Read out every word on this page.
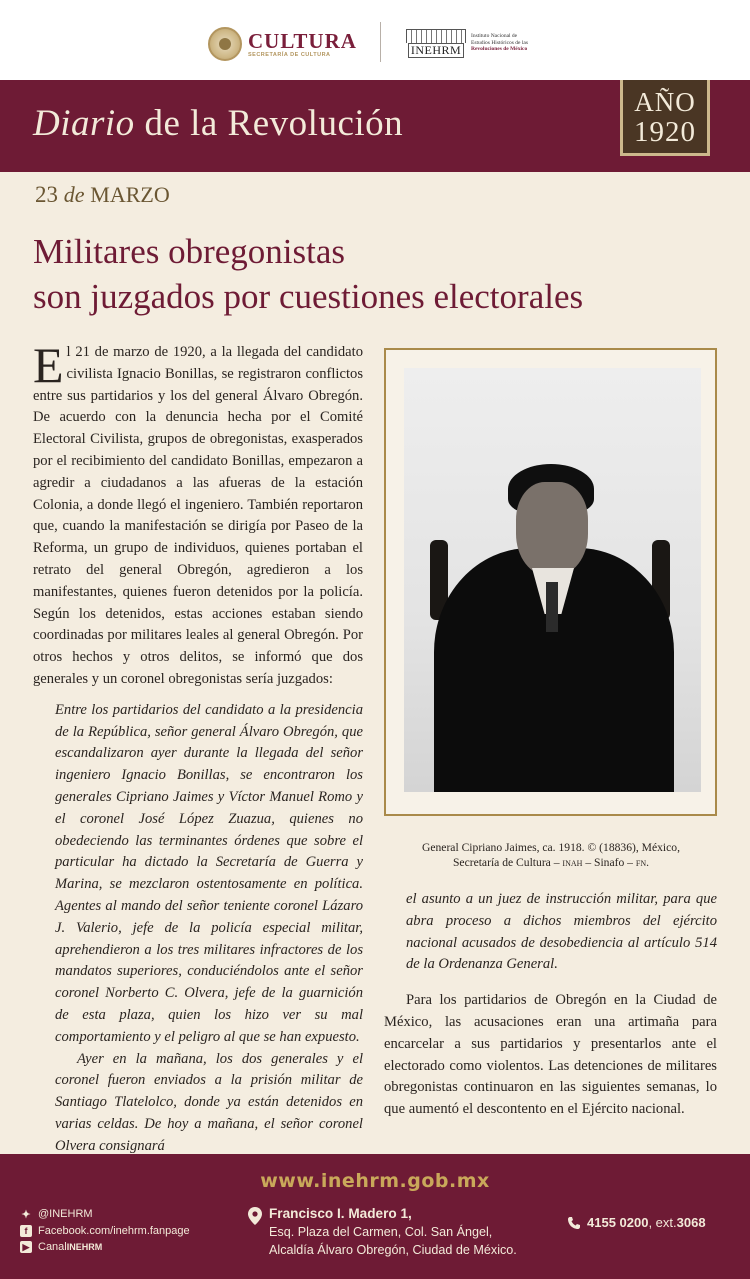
CULTURA
SECRETARÍA DE CULTURA	INEHRM
Instituto Nacional de
Estudios Históricos de las
Revoluciones de México
Diario de la Revolución
AÑO
1920
23 de MARZO
Militares obregonistas
son juzgados por cuestiones electorales

El 21 de marzo de 1920, a la llegada del candidato civilista Ignacio Bonillas, se registraron conflictos entre sus partidarios y los del general Álvaro Obregón. De acuerdo con la denuncia hecha por el Comité Electoral Civilista, grupos de obregonistas, exasperados por el recibimiento del candidato Bonillas, empezaron a agredir a ciudadanos a las afueras de la estación Colonia, a donde llegó el ingeniero. También reportaron que, cuando la manifestación se dirigía por Paseo de la Reforma, un grupo de individuos, quienes portaban el retrato del general Obregón, agredieron a los manifestantes, quienes fueron detenidos por la policía. Según los detenidos, estas acciones estaban siendo coordinadas por militares leales al general Obregón. Por otros hechos y otros delitos, se informó que dos generales y un coronel obregonistas sería juzgados:

Entre los partidarios del candidato a la presidencia de la República, señor general Álvaro Obregón, que escandalizaron ayer durante la llegada del señor ingeniero Ignacio Bonillas, se encontraron los generales Cipriano Jaimes y Víctor Manuel Romo y el coronel José López Zuazua, quienes no obedeciendo las terminantes órdenes que sobre el particular ha dictado la Secretaría de Guerra y Marina, se mezclaron ostentosamente en política. Agentes al mando del señor teniente coronel Lázaro J. Valerio, jefe de la policía especial militar, aprehendieron a los tres militares infractores de los mandatos superiores, conduciéndolos ante el señor coronel Norberto C. Olvera, jefe de la guarnición de esta plaza, quien los hizo ver su mal comportamiento y el peligro al que se han expuesto.

Ayer en la mañana, los dos generales y el coronel fueron enviados a la prisión militar de Santiago Tlatelolco, donde ya están detenidos en varias celdas. De hoy a mañana, el señor coronel Olvera consignará

General Cipriano Jaimes, ca. 1918. © (18836), México,
Secretaría de Cultura – inah – Sinafo – fn.

el asunto a un juez de instrucción militar, para que abra proceso a dichos miembros del ejército nacional acusados de desobediencia al artículo 514 de la Ordenanza General.

Para los partidarios de Obregón en la Ciudad de México, las acusaciones eran una artimaña para encarcelar a sus partidarios y presentarlos ante el electorado como violentos. Las detenciones de militares obregonistas continuaron en las siguientes semanas, lo que aumentó el descontento en el Ejército nacional.

www.inehrm.gob.mx
✦ @INEHRM
f Facebook.com/inehrm.fanpage
▶ Canal INEHRM
Francisco I. Madero 1,
Esq. Plaza del Carmen, Col. San Ángel,
Alcaldía Álvaro Obregón, Ciudad de México.
4155 0200 , ext. 3068
